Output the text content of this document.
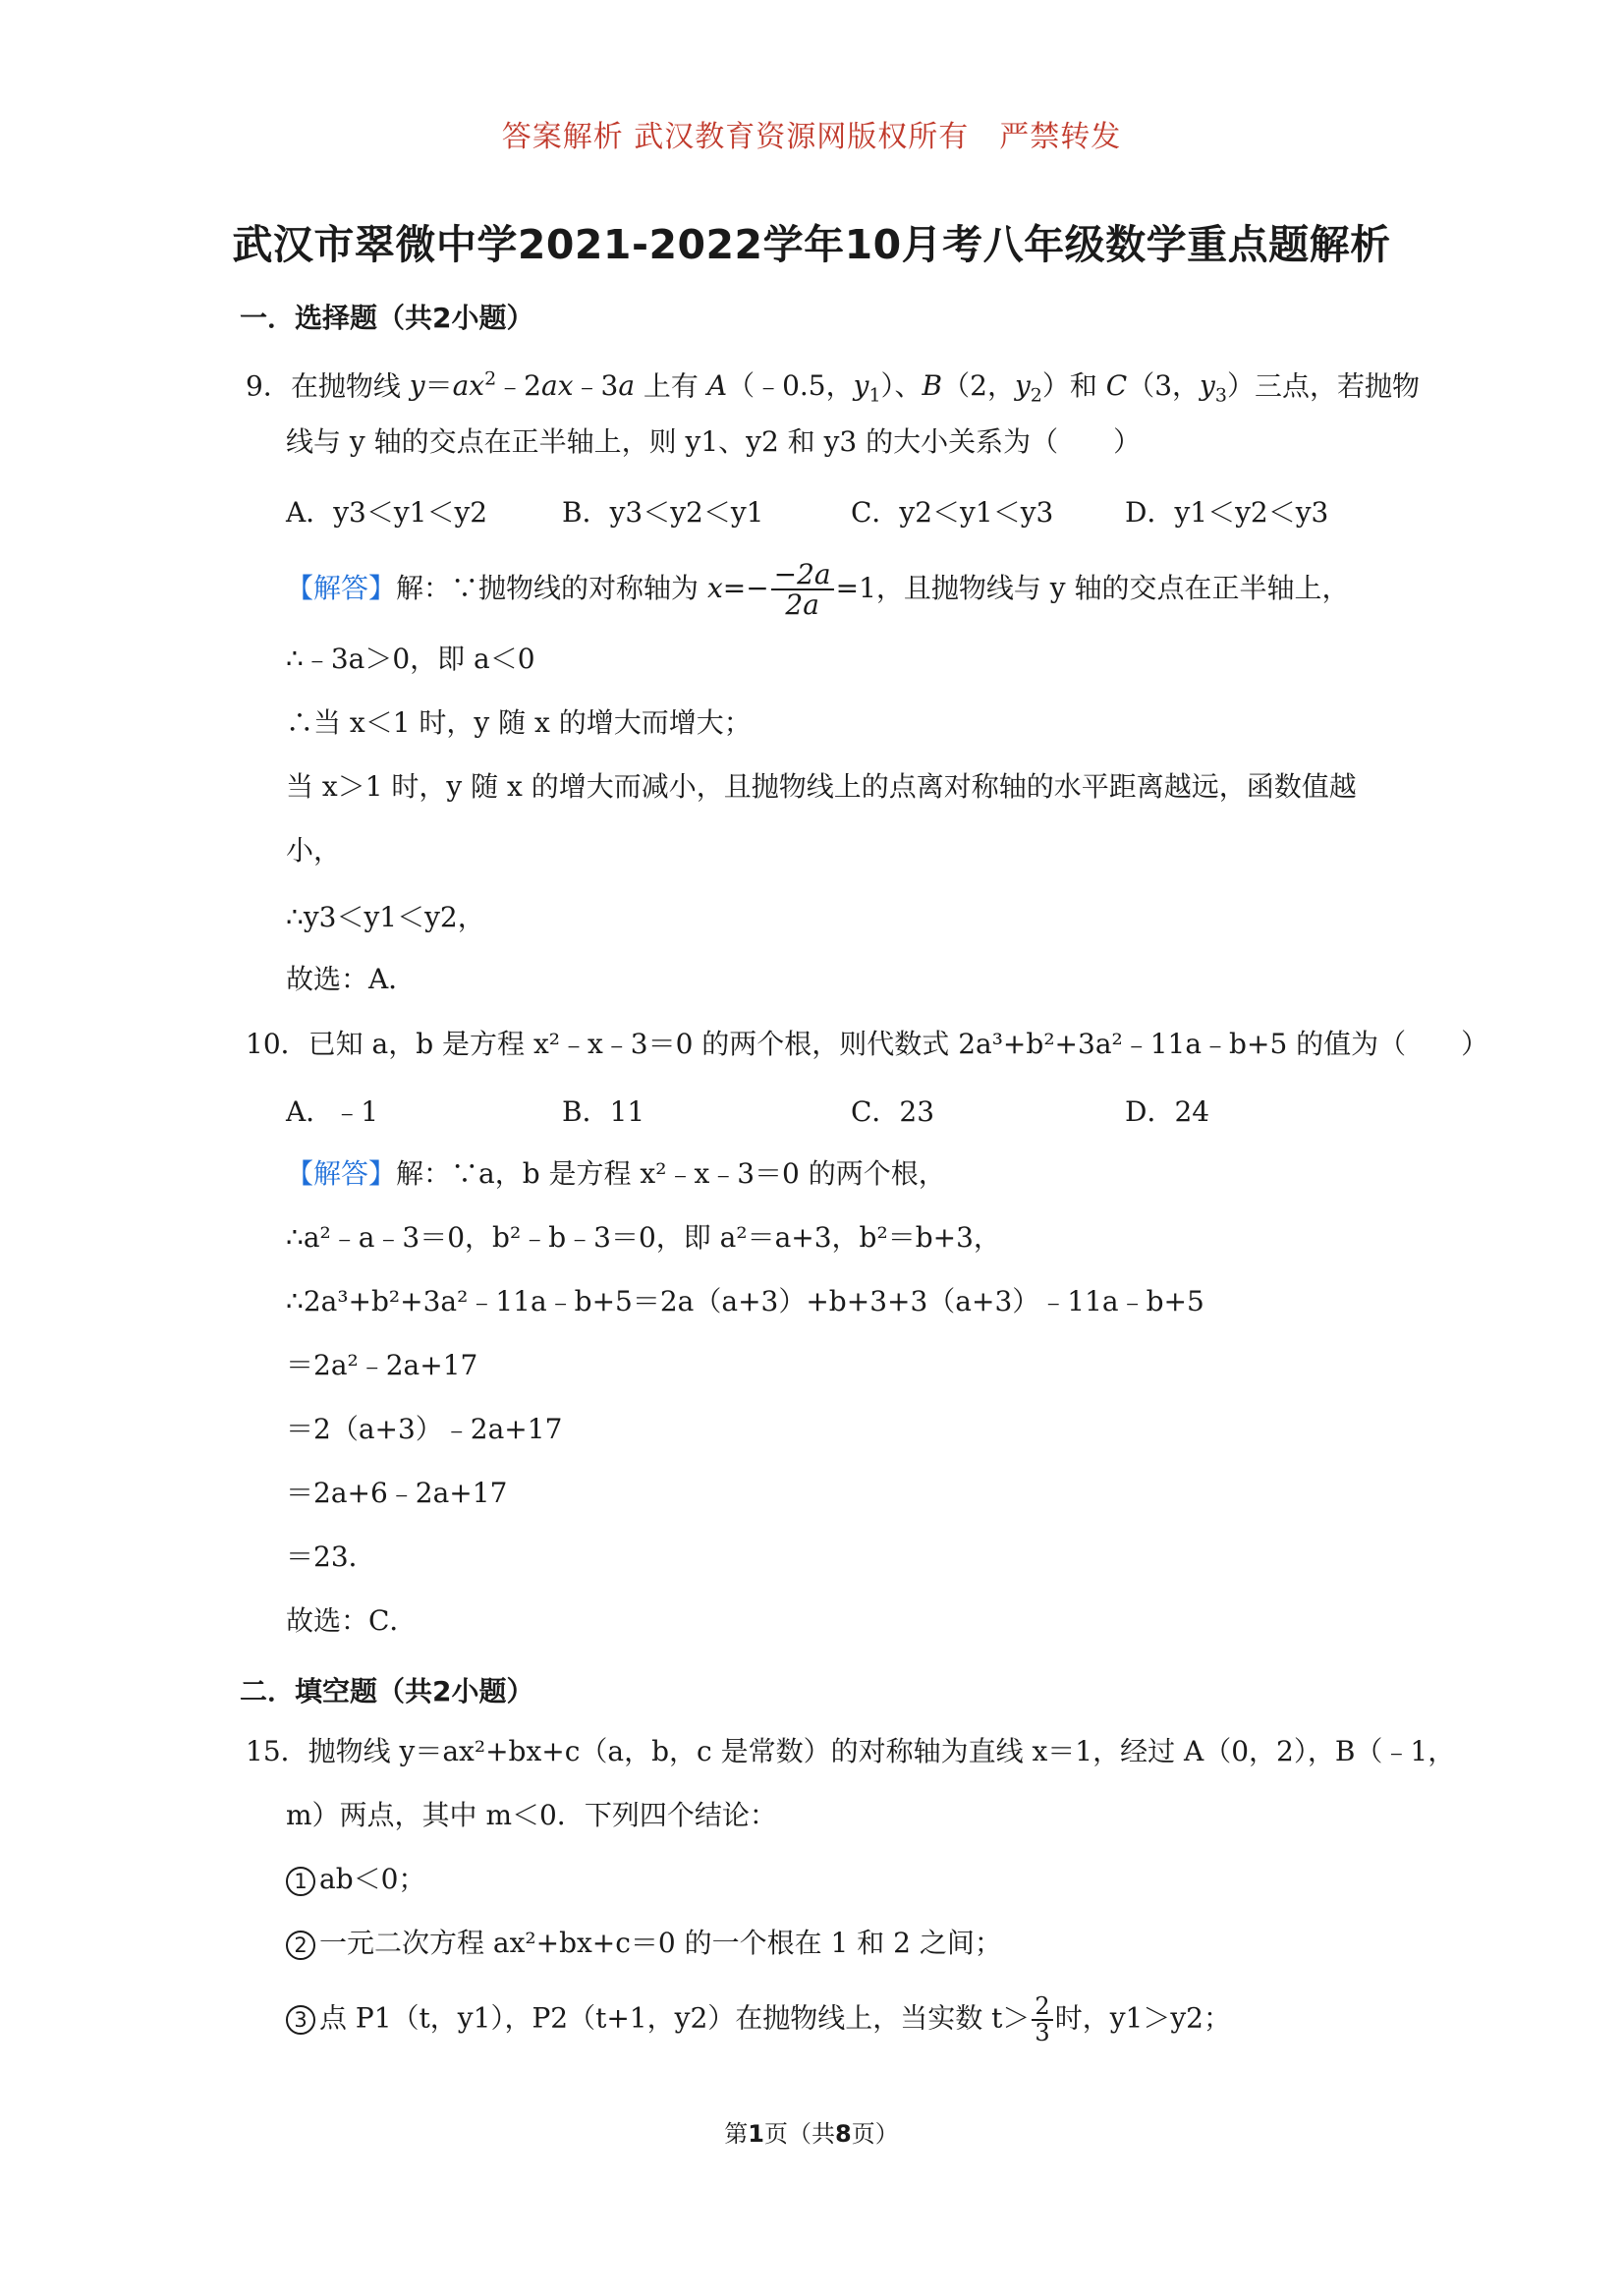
答案解析 武汉教育资源网版权所有　严禁转发
武汉市翠微中学2021-2022学年10月考八年级数学重点题解析
一．选择题（共2小题）
9．在抛物线 $y=ax^2﹣2ax﹣3a$ 上有 A（﹣0.5，$y_1$）、B（2，$y_2$）和 C（3，$y_3$）三点，若抛物
线与 y 轴的交点在正半轴上，则 y1、y2 和 y3 的大小关系为（　　）
A．y3＜y1＜y2	B．y3＜y2＜y1	C．y2＜y1＜y3	D．y1＜y2＜y3
【解答】解：∵抛物线的对称轴为 $x=- \frac{-2a}{2a} =1$，且抛物线与 y 轴的交点在正半轴上，
∴﹣3a＞0，即 a＜0
∴当 x＜1 时，y 随 x 的增大而增大；
当 x＞1 时，y 随 x 的增大而减小，且抛物线上的点离对称轴的水平距离越远，函数值越
小，
∴y3＜y1＜y2，
故选：A．
10．已知 a，b 是方程 x²﹣x﹣3＝0 的两个根，则代数式 2a³+b²+3a²﹣11a﹣b+5 的值为（　　）
A．﹣1	B．11	C．23	D．24
【解答】解：∵a，b 是方程 x²﹣x﹣3＝0 的两个根，
∴a²﹣a﹣3＝0，b²﹣b﹣3＝0，即 a²＝a+3，b²＝b+3，
∴2a³+b²+3a²﹣11a﹣b+5＝2a（a+3）+b+3+3（a+3）﹣11a﹣b+5
＝2a²﹣2a+17
＝2（a+3）﹣2a+17
＝2a+6﹣2a+17
＝23．
故选：C．
二．填空题（共2小题）
15．抛物线 y＝ax²+bx+c（a，b，c 是常数）的对称轴为直线 x＝1，经过 A（0，2），B（﹣1，
m）两点，其中 m＜0．下列四个结论：
1 ab＜0；
2 一元二次方程 ax²+bx+c＝0 的一个根在 1 和 2 之间；
3 点 P1（t，y1），P2（t+1，y2）在抛物线上，当实数 $t> \frac{2}{3}$ 时，y1＞y2；
第1页（共8页）
